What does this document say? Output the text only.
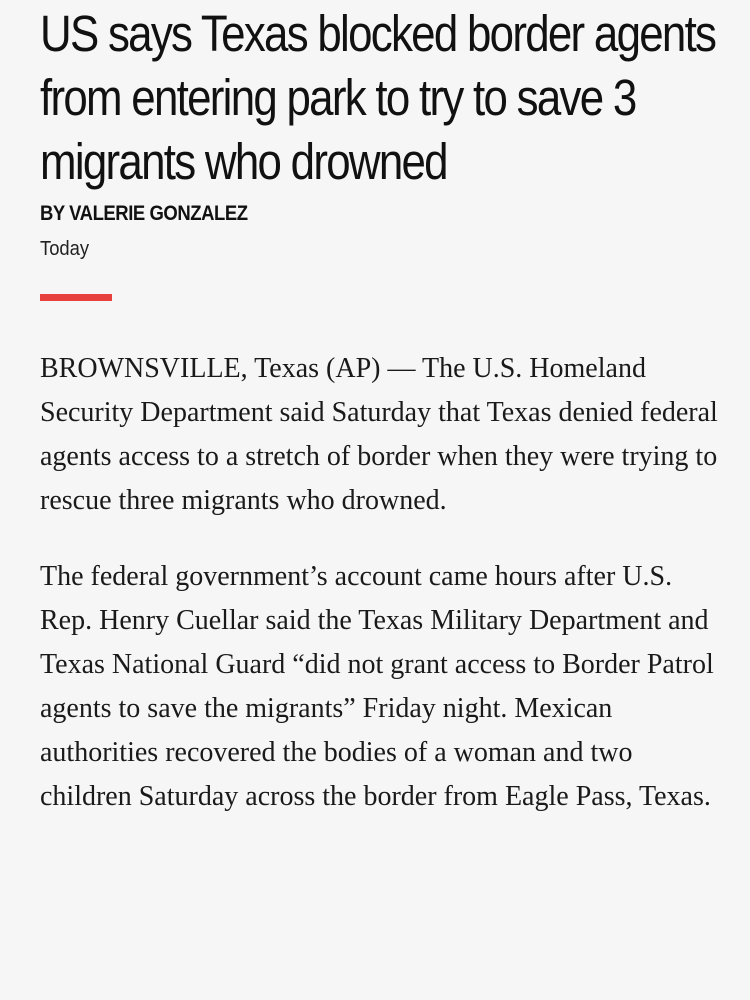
US says Texas blocked border agents from entering park to try to save 3 migrants who drowned
BY VALERIE GONZALEZ
Today

BROWNSVILLE, Texas (AP) — The U.S. Homeland Security Department said Saturday that Texas denied federal agents access to a stretch of border when they were trying to rescue three migrants who drowned.

The federal government’s account came hours after U.S. Rep. Henry Cuellar said the Texas Military Department and Texas National Guard “did not grant access to Border Patrol agents to save the migrants” Friday night. Mexican authorities recovered the bodies of a woman and two children Saturday across the border from Eagle Pass, Texas.
